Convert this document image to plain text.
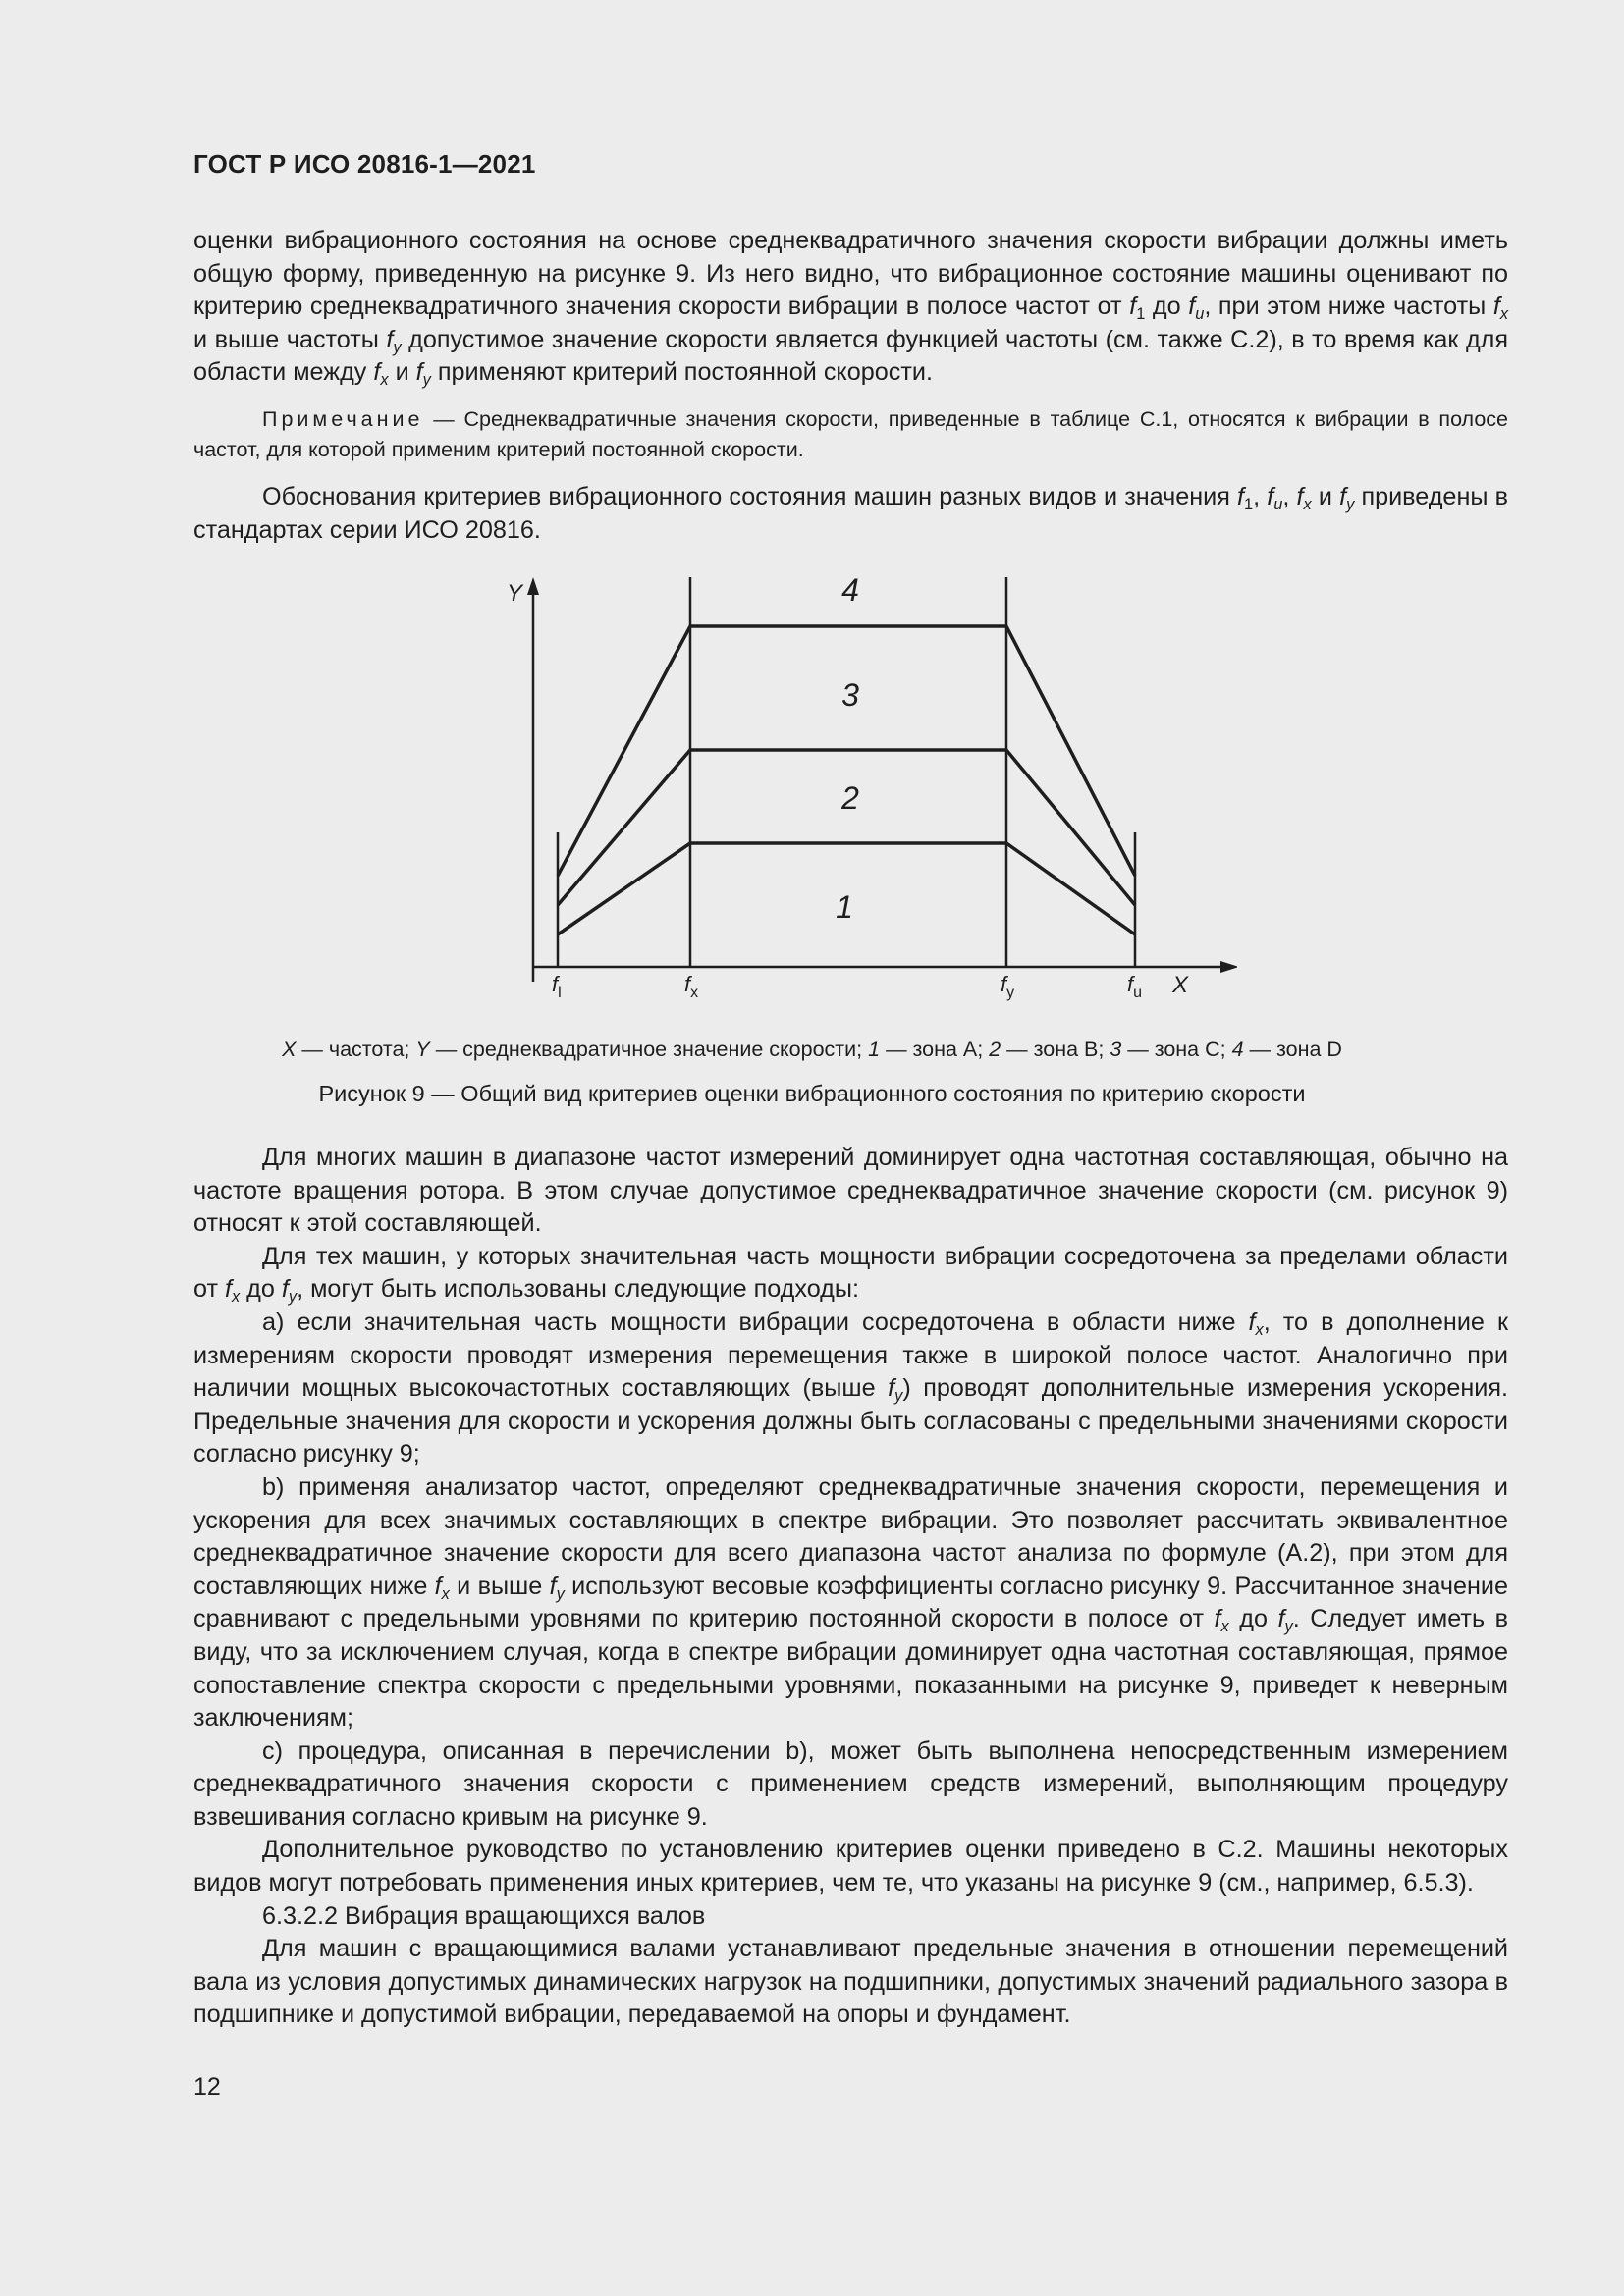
ГОСТ Р ИСО 20816-1—2021

оценки вибрационного состояния на основе среднеквадратичного значения скорости вибрации должны иметь общую форму, приведенную на рисунке 9. Из него видно, что вибрационное состояние машины оценивают по критерию среднеквадратичного значения скорости вибрации в полосе частот от $f_1$ до $f_u$, при этом ниже частоты $f_x$ и выше частоты $f_y$ допустимое значение скорости является функцией частоты (см. также С.2), в то время как для области между $f_x$ и $f_y$ применяют критерий постоянной скорости.

Примечание — Среднеквадратичные значения скорости, приведенные в таблице С.1, относятся к вибрации в полосе частот, для которой применим критерий постоянной скорости.

Обоснования критериев вибрационного состояния машин разных видов и значения $f_1$, $f_u$, $f_x$ и $f_y$ приведены в стандартах серии ИСО 20816.

Y
X
1
2
3
4
$f_l$	$f_x$	$f_y$	$f_u$
X — частота; Y — среднеквадратичное значение скорости; 1 — зона A; 2 — зона B; 3 — зона C; 4 — зона D
Рисунок 9 — Общий вид критериев оценки вибрационного состояния по критерию скорости

Для многих машин в диапазоне частот измерений доминирует одна частотная составляющая, обычно на частоте вращения ротора. В этом случае допустимое среднеквадратичное значение скорости (см. рисунок 9) относят к этой составляющей.

Для тех машин, у которых значительная часть мощности вибрации сосредоточена за пределами области от $f_x$ до $f_y$, могут быть использованы следующие подходы:

a) если значительная часть мощности вибрации сосредоточена в области ниже $f_x$, то в дополнение к измерениям скорости проводят измерения перемещения также в широкой полосе частот. Аналогично при наличии мощных высокочастотных составляющих (выше $f_y$) проводят дополнительные измерения ускорения. Предельные значения для скорости и ускорения должны быть согласованы с предельными значениями скорости согласно рисунку 9;

b) применяя анализатор частот, определяют среднеквадратичные значения скорости, перемещения и ускорения для всех значимых составляющих в спектре вибрации. Это позволяет рассчитать эквивалентное среднеквадратичное значение скорости для всего диапазона частот анализа по формуле (А.2), при этом для составляющих ниже $f_x$ и выше $f_y$ используют весовые коэффициенты согласно рисунку 9. Рассчитанное значение сравнивают с предельными уровнями по критерию постоянной скорости в полосе от $f_x$ до $f_y$. Следует иметь в виду, что за исключением случая, когда в спектре вибрации доминирует одна частотная составляющая, прямое сопоставление спектра скорости с предельными уровнями, показанными на рисунке 9, приведет к неверным заключениям;

c) процедура, описанная в перечислении b), может быть выполнена непосредственным измерением среднеквадратичного значения скорости с применением средств измерений, выполняющим процедуру взвешивания согласно кривым на рисунке 9.

Дополнительное руководство по установлению критериев оценки приведено в С.2. Машины некоторых видов могут потребовать применения иных критериев, чем те, что указаны на рисунке 9 (см., например, 6.5.3).

6.3.2.2 Вибрация вращающихся валов

Для машин с вращающимися валами устанавливают предельные значения в отношении перемещений вала из условия допустимых динамических нагрузок на подшипники, допустимых значений радиального зазора в подшипнике и допустимой вибрации, передаваемой на опоры и фундамент.

12
